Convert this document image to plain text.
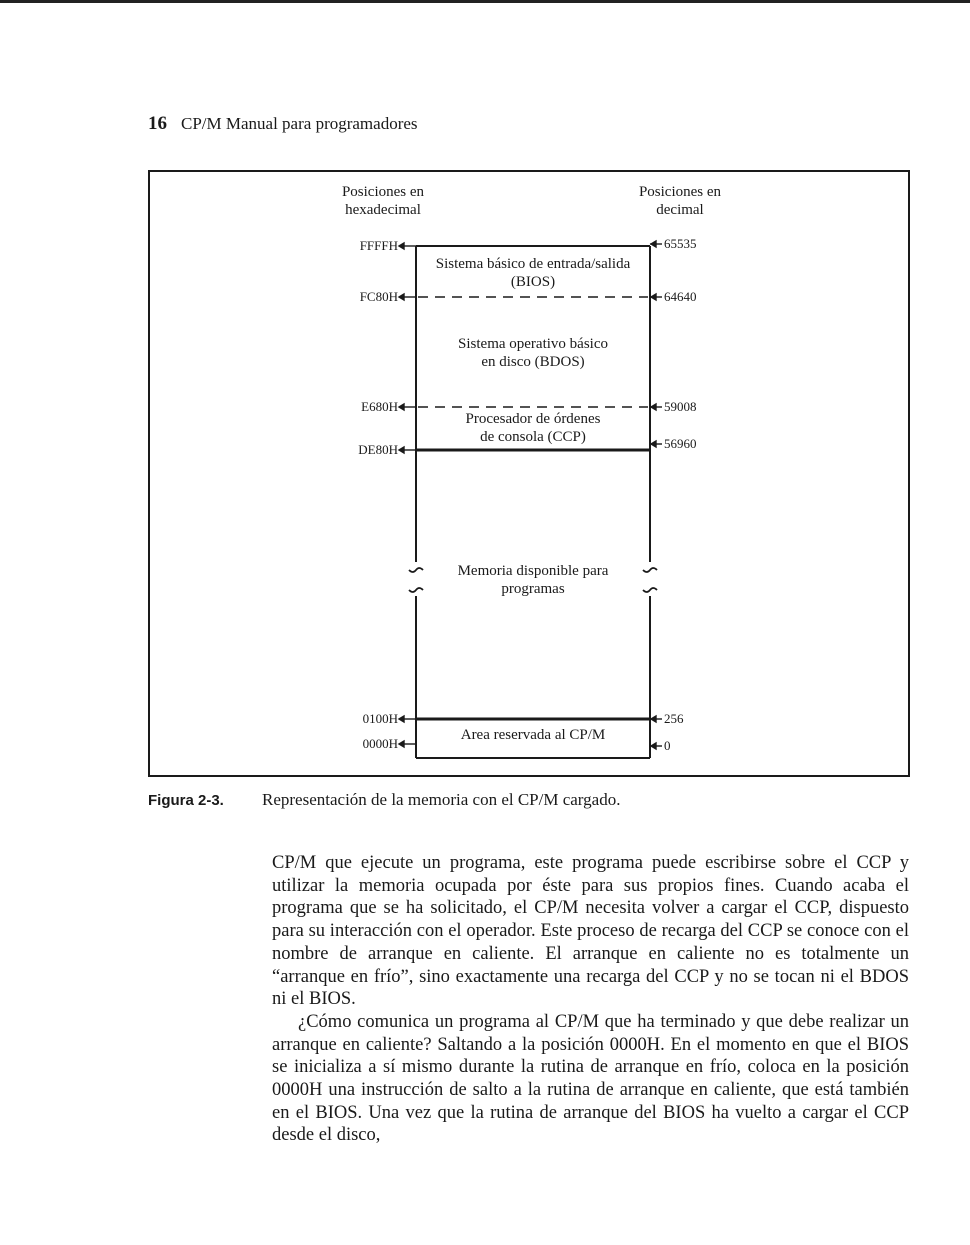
16 CP/M Manual para programadores
Posiciones en
hexadecimal
Posiciones en
decimal
FFFFH
FC80H
E680H
DE80H
0100H
0000H
65535
64640
59008
56960
256
0
Sistema básico de entrada/salida
(BIOS)
Sistema operativo básico
en disco (BDOS)
Procesador de órdenes
de consola (CCP)
Memoria disponible para
programas
Area reservada al CP/M
Figura 2-3. Representación de la memoria con el CP/M cargado.

CP/M que ejecute un programa, este programa puede escribirse sobre el CCP y utilizar la memoria ocupada por éste para sus propios fines. Cuando acaba el programa que se ha solicitado, el CP/M necesita volver a cargar el CCP, dispuesto para su interacción con el operador. Este proceso de recarga del CCP se conoce con el nombre de arranque en caliente. El arranque en caliente no es totalmente un “arranque en frío”, sino exactamente una recarga del CCP y no se tocan ni el BDOS ni el BIOS.

¿Cómo comunica un programa al CP/M que ha terminado y que debe realizar un arranque en caliente? Saltando a la posición 0000H. En el momento en que el BIOS se inicializa a sí mismo durante la rutina de arranque en frío, coloca en la posición 0000H una instrucción de salto a la rutina de arranque en caliente, que está también en el BIOS. Una vez que la rutina de arranque del BIOS ha vuelto a cargar el CCP desde el disco,
